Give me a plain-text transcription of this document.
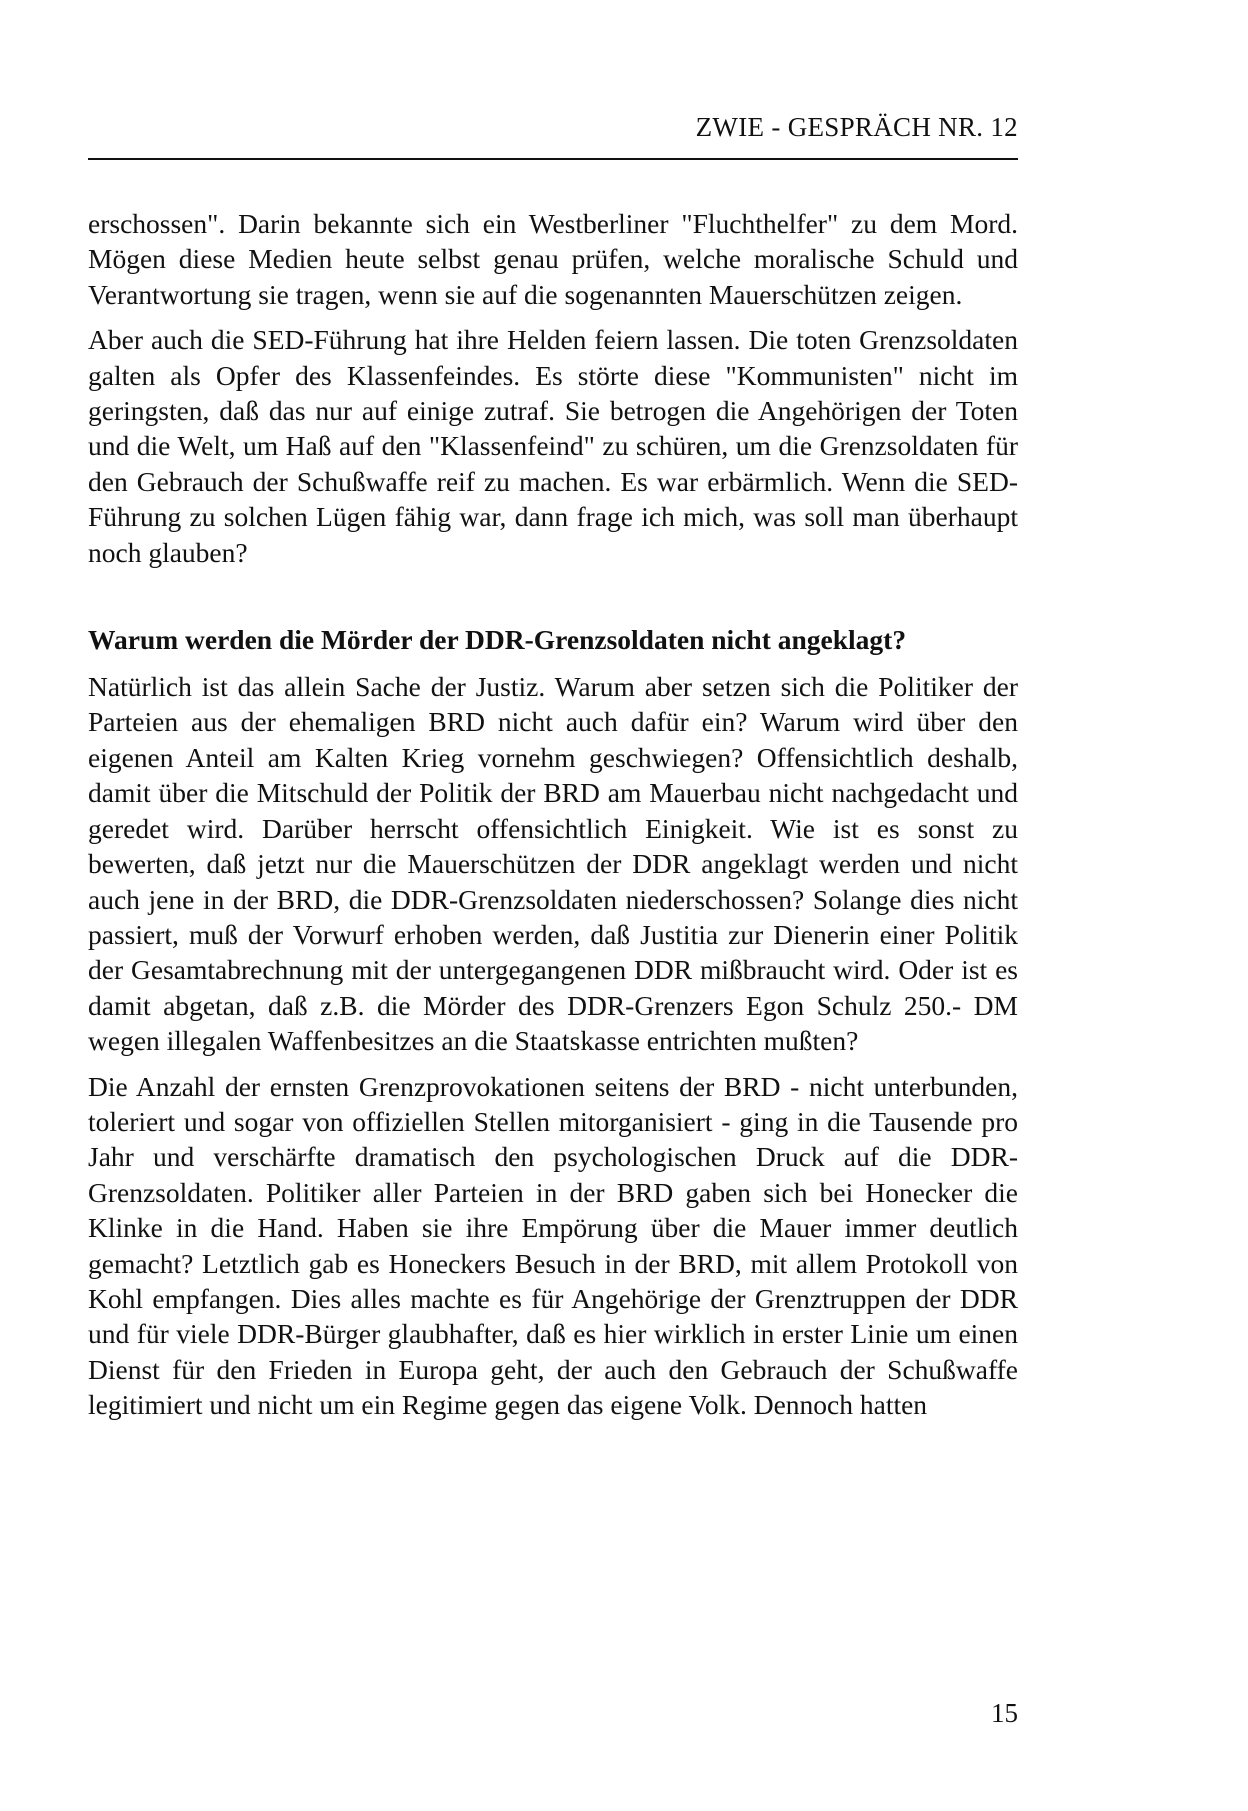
ZWIE - GESPRÄCH NR. 12

erschossen". Darin bekannte sich ein Westberliner "Fluchthelfer" zu dem Mord. Mögen diese Medien heute selbst genau prüfen, welche moralische Schuld und Verantwortung sie tragen, wenn sie auf die sogenannten Mauerschützen zeigen.

Aber auch die SED-Führung hat ihre Helden feiern lassen. Die toten Grenzsoldaten galten als Opfer des Klassenfeindes. Es störte diese "Kommunisten" nicht im geringsten, daß das nur auf einige zutraf. Sie betrogen die Angehörigen der Toten und die Welt, um Haß auf den "Klassenfeind" zu schüren, um die Grenzsoldaten für den Gebrauch der Schußwaffe reif zu machen. Es war erbärmlich. Wenn die SED-Führung zu solchen Lügen fähig war, dann frage ich mich, was soll man überhaupt noch glauben?

Warum werden die Mörder der DDR-Grenzsoldaten nicht angeklagt?

Natürlich ist das allein Sache der Justiz. Warum aber setzen sich die Politiker der Parteien aus der ehemaligen BRD nicht auch dafür ein? Warum wird über den eigenen Anteil am Kalten Krieg vornehm geschwiegen? Offensichtlich deshalb, damit über die Mitschuld der Politik der BRD am Mauerbau nicht nachgedacht und geredet wird. Darüber herrscht offensichtlich Einigkeit. Wie ist es sonst zu bewerten, daß jetzt nur die Mauerschützen der DDR angeklagt werden und nicht auch jene in der BRD, die DDR-Grenzsoldaten niederschossen? Solange dies nicht passiert, muß der Vorwurf erhoben werden, daß Justitia zur Dienerin einer Politik der Gesamtabrechnung mit der untergegangenen DDR mißbraucht wird. Oder ist es damit abgetan, daß z.B. die Mörder des DDR-Grenzers Egon Schulz 250.- DM wegen illegalen Waffenbesitzes an die Staatskasse entrichten mußten?

Die Anzahl der ernsten Grenzprovokationen seitens der BRD - nicht unterbunden, toleriert und sogar von offiziellen Stellen mitorganisiert - ging in die Tausende pro Jahr und verschärfte dramatisch den psychologischen Druck auf die DDR-Grenzsoldaten. Politiker aller Parteien in der BRD gaben sich bei Honecker die Klinke in die Hand. Haben sie ihre Empörung über die Mauer immer deutlich gemacht? Letztlich gab es Honeckers Besuch in der BRD, mit allem Protokoll von Kohl empfangen. Dies alles machte es für Angehörige der Grenztruppen der DDR und für viele DDR-Bürger glaubhafter, daß es hier wirklich in erster Linie um einen Dienst für den Frieden in Europa geht, der auch den Gebrauch der Schußwaffe legitimiert und nicht um ein Regime gegen das eigene Volk. Dennoch hatten

15
